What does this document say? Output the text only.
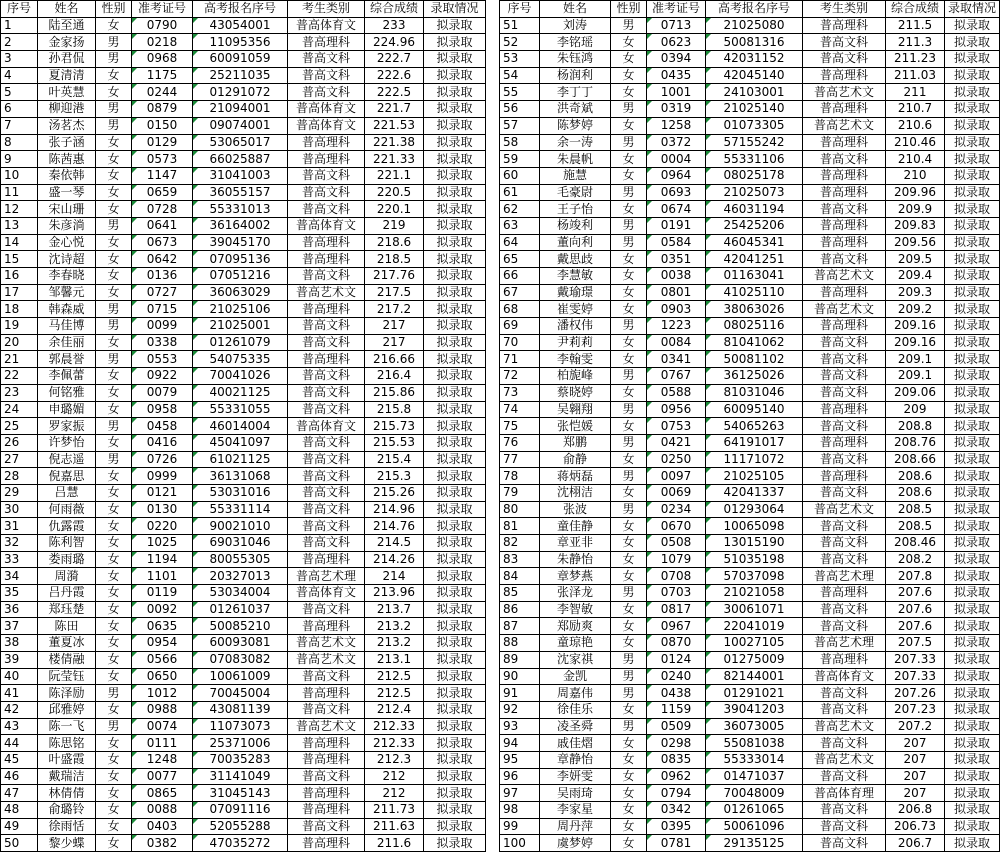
序号	姓名	性别	准考证号	高考报名序号	考生类别	综合成绩	录取情况
1	陆至通	女	0790	43054001	普高体育文	233	拟录取
2	金家扬	男	0218	11095356	普高理科	224.96	拟录取
3	孙君侃	男	0968	60091059	普高文科	222.7	拟录取
4	夏清清	女	1175	25211035	普高文科	222.6	拟录取
5	叶英慧	女	0244	01291072	普高文科	222.5	拟录取
6	柳迎港	男	0879	21094001	普高体育文	221.7	拟录取
7	汤茗杰	男	0150	09074001	普高体育文	221.53	拟录取
8	张子涵	女	0129	53065017	普高理科	221.38	拟录取
9	陈茜惠	女	0573	66025887	普高理科	221.33	拟录取
10	秦依韩	女	1147	31041003	普高文科	221.1	拟录取
11	盛一琴	女	0659	36055157	普高文科	220.5	拟录取
12	宋山珊	女	0728	55331013	普高文科	220.1	拟录取
13	朱彦淌	男	0641	36164002	普高体育文	219	拟录取
14	金心悦	女	0673	39045170	普高理科	218.6	拟录取
15	沈诗超	女	0642	07095136	普高理科	218.5	拟录取
16	李春晓	女	0136	07051216	普高文科	217.76	拟录取
17	邹馨元	女	0727	36063029	普高艺术文	217.5	拟录取
18	韩森威	男	0715	21025106	普高理科	217.2	拟录取
19	马佳博	男	0099	21025001	普高文科	217	拟录取
20	余佳丽	女	0338	01261079	普高文科	217	拟录取
21	郭晨誉	男	0553	54075335	普高理科	216.66	拟录取
22	李佩蕾	女	0922	70041026	普高文科	216.4	拟录取
23	何铭雅	女	0079	40021125	普高文科	215.86	拟录取
24	申璐媚	女	0958	55331055	普高文科	215.8	拟录取
25	罗家振	男	0458	46014004	普高体育文	215.73	拟录取
26	许梦怡	女	0416	45041097	普高文科	215.53	拟录取
27	倪志遥	男	0726	61021125	普高文科	215.4	拟录取
28	倪嘉思	女	0999	36131068	普高文科	215.3	拟录取
29	吕慧	女	0121	53031016	普高文科	215.26	拟录取
30	何雨薇	女	0130	55331114	普高文科	214.96	拟录取
31	仇露霞	女	0220	90021010	普高文科	214.76	拟录取
32	陈利智	女	1025	69031046	普高文科	214.5	拟录取
33	娄雨璐	女	1194	80055305	普高理科	214.26	拟录取
34	周漪	女	1101	20327013	普高艺术理	214	拟录取
35	吕丹霞	女	0119	53034004	普高体育文	213.96	拟录取
36	郑珏楚	女	0092	01261037	普高文科	213.7	拟录取
37	陈田	女	0635	50085210	普高理科	213.2	拟录取
38	董夏冰	女	0954	60093081	普高艺术文	213.2	拟录取
39	楼倩融	女	0566	07083082	普高艺术文	213.1	拟录取
40	阮莹钰	女	0650	10061009	普高文科	212.5	拟录取
41	陈泽励	男	1012	70045004	普高理科	212.5	拟录取
42	邱雅婷	女	0988	43081139	普高文科	212.4	拟录取
43	陈一飞	男	0074	11073073	普高艺术文	212.33	拟录取
44	陈思铭	女	0111	25371006	普高理科	212.33	拟录取
45	叶盛霞	女	1248	70035283	普高理科	212.3	拟录取
46	戴瑞洁	女	0077	31141049	普高文科	212	拟录取
47	林倩倩	女	0865	31045143	普高理科	212	拟录取
48	俞璐铃	女	0088	07091116	普高理科	211.73	拟录取
49	徐雨恬	女	0403	52055288	普高文科	211.63	拟录取
50	黎少蝶	女	0382	47035272	普高理科	211.6	拟录取
序号	姓名	性别	准考证号	高考报名序号	考生类别	综合成绩	录取情况
51	刘涛	男	0713	21025080	普高理科	211.5	拟录取
52	李铭瑶	女	0623	50081316	普高文科	211.3	拟录取
53	朱钰鸿	女	0394	42031152	普高文科	211.23	拟录取
54	杨润利	女	0435	42045140	普高理科	211.03	拟录取
55	李丁丁	女	1001	24103001	普高艺术文	211	拟录取
56	洪奇斌	男	0319	21025140	普高理科	210.7	拟录取
57	陈梦婷	女	1258	01073305	普高艺术文	210.6	拟录取
58	余一涛	男	0372	57155242	普高理科	210.46	拟录取
59	朱晨帆	女	0004	55331106	普高文科	210.4	拟录取
60	施慧	女	0964	08025178	普高理科	210	拟录取
61	毛豪尉	男	0693	21025073	普高理科	209.96	拟录取
62	王子怡	女	0674	46031194	普高文科	209.9	拟录取
63	杨竣利	男	0191	25425206	普高理科	209.83	拟录取
64	董向利	男	0584	46045341	普高理科	209.56	拟录取
65	戴思歧	女	0351	42041251	普高文科	209.5	拟录取
66	李慧敏	女	0038	01163041	普高艺术文	209.4	拟录取
67	戴瑜璟	女	0801	41025110	普高理科	209.3	拟录取
68	崔雯婷	女	0903	38063026	普高艺术文	209.2	拟录取
69	潘权伟	男	1223	08025116	普高理科	209.16	拟录取
70	尹莉莉	女	0084	81041062	普高文科	209.16	拟录取
71	李翰雯	女	0341	50081102	普高文科	209.1	拟录取
72	柏旎峰	男	0767	36125026	普高文科	209.1	拟录取
73	蔡晓婷	女	0588	81031046	普高文科	209.06	拟录取
74	吴翱翔	男	0956	60095140	普高理科	209	拟录取
75	张恺媛	女	0753	54065263	普高文科	208.8	拟录取
76	郑鹏	男	0421	64191017	普高理科	208.76	拟录取
77	俞静	女	0250	11171072	普高文科	208.66	拟录取
78	蒋炳磊	男	0097	21025105	普高理科	208.6	拟录取
79	沈栩洁	女	0069	42041337	普高文科	208.6	拟录取
80	张波	男	0234	01293064	普高艺术文	208.5	拟录取
81	童佳静	女	0670	10065098	普高文科	208.5	拟录取
82	章亚非	女	0508	13015190	普高文科	208.46	拟录取
83	朱静怡	女	1079	51035198	普高文科	208.2	拟录取
84	章梦燕	女	0708	57037098	普高艺术理	207.8	拟录取
85	张泽龙	男	0703	21021058	普高理科	207.6	拟录取
86	李智敏	女	0817	30061071	普高文科	207.6	拟录取
87	郑励爽	女	0967	22041019	普高文科	207.6	拟录取
88	童琼艳	女	0870	10027105	普高艺术理	207.5	拟录取
89	沈家祺	男	0124	01275009	普高理科	207.33	拟录取
90	金凯	男	0240	82144001	普高体育文	207.33	拟录取
91	周嘉伟	男	0438	01291021	普高文科	207.26	拟录取
92	徐佳乐	女	1159	39041203	普高文科	207.23	拟录取
93	凌圣舜	男	0509	36073005	普高艺术文	207.2	拟录取
94	戚佳熠	女	0298	55081038	普高文科	207	拟录取
95	章静怡	女	0835	55333014	普高艺术文	207	拟录取
96	李妍雯	女	0962	01471037	普高文科	207	拟录取
97	吴雨琦	女	0794	70048009	普高体育理	207	拟录取
98	李家星	女	0342	01261065	普高文科	206.8	拟录取
99	周丹萍	女	0395	50061096	普高文科	206.73	拟录取
100	虞梦婷	女	0781	29135125	普高文科	206.7	拟录取
